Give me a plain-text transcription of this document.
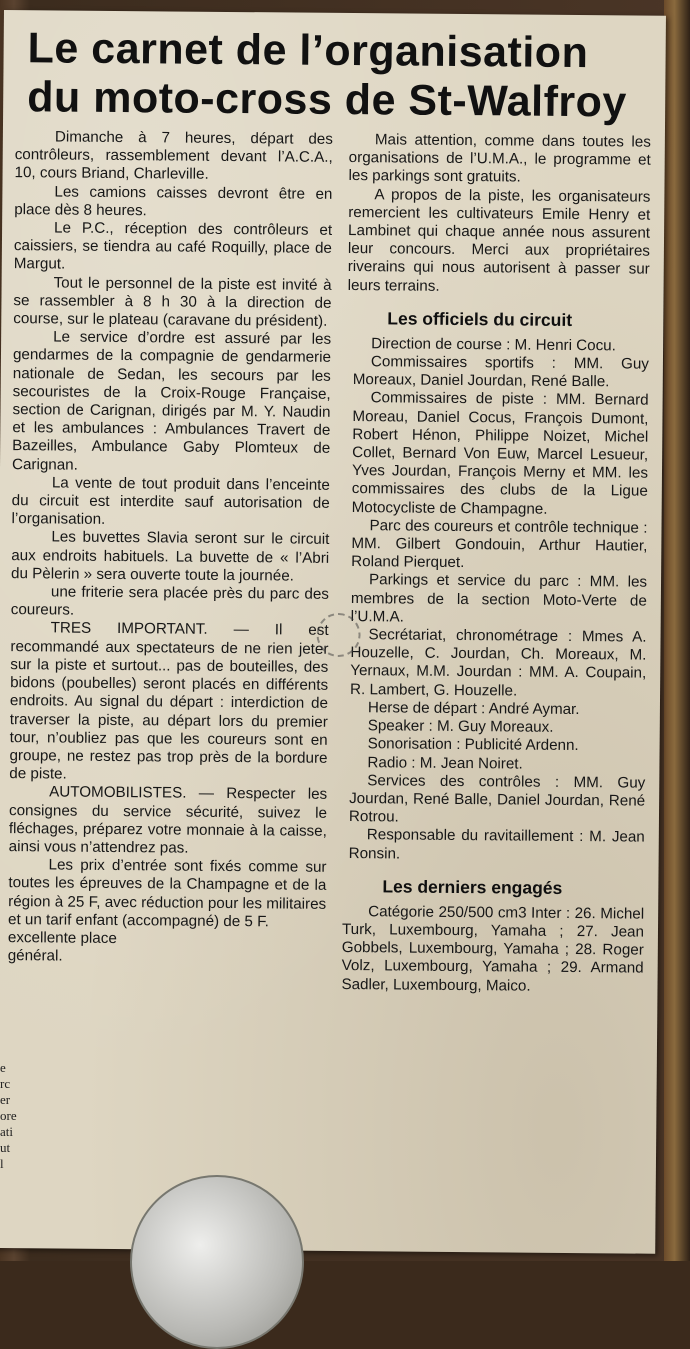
Le carnet de l’organisation
du moto-cross de St-Walfroy

Dimanche à 7 heures, départ des contrôleurs, rassemblement devant l’A.C.A., 10, cours Briand, Charleville.

Les camions caisses devront être en place dès 8 heures.

Le P.C., réception des contrôleurs et caissiers, se tiendra au café Roquilly, place de Margut.

Tout le personnel de la piste est invité à se rassembler à 8 h 30 à la direction de course, sur le plateau (caravane du président).

Le service d’ordre est assuré par les gendarmes de la compagnie de gendarmerie nationale de Sedan, les secours par les secouristes de la Croix-Rouge Française, section de Carignan, dirigés par M. Y. Naudin et les ambulances : Ambulances Travert de Bazeilles, Ambulance Gaby Plomteux de Carignan.

La vente de tout produit dans l’enceinte du circuit est interdite sauf autorisation de l’organisation.

Les buvettes Slavia seront sur le circuit aux endroits habituels. La buvette de « l’Abri du Pèlerin » sera ouverte toute la journée.

une friterie sera placée près du parc des coureurs.

TRES IMPORTANT. — Il est recommandé aux spectateurs de ne rien jeter sur la piste et surtout... pas de bouteilles, des bidons (poubelles) seront placés en différents endroits. Au signal du départ : interdiction de traverser la piste, au départ lors du premier tour, n’oubliez pas que les coureurs sont en groupe, ne restez pas trop près de la bordure de piste.

AUTOMOBILISTES. — Respecter les consignes du service sécurité, suivez le fléchages, préparez votre monnaie à la caisse, ainsi vous n’attendrez pas.

Les prix d’entrée sont fixés comme sur toutes les épreuves de la Champagne et de la région à 25 F, avec réduction pour les militaires et un tarif enfant (accompagné) de 5 F.

excellente place

général.

Mais attention, comme dans toutes les organisations de l’U.M.A., le programme et les parkings sont gratuits.

A propos de la piste, les organisateurs remercient les cultivateurs Emile Henry et Lambinet qui chaque année nous assurent leur concours. Merci aux propriétaires riverains qui nous autorisent à passer sur leurs terrains.

Les officiels du circuit

Direction de course : M. Henri Cocu.

Commissaires sportifs : MM. Guy Moreaux, Daniel Jourdan, René Balle.

Commissaires de piste : MM. Bernard Moreau, Daniel Cocus, François Dumont, Robert Hénon, Philippe Noizet, Michel Collet, Bernard Von Euw, Marcel Lesueur, Yves Jourdan, François Merny et MM. les commissaires des clubs de la Ligue Motocycliste de Champagne.

Parc des coureurs et contrôle technique : MM. Gilbert Gondouin, Arthur Hautier, Roland Pierquet.

Parkings et service du parc : MM. les membres de la section Moto-Verte de l’U.M.A.

Secrétariat, chronométrage : Mmes A. Houzelle, C. Jourdan, Ch. Moreaux, M. Yernaux, M.M. Jourdan : MM. A. Coupain, R. Lambert, G. Houzelle.

Herse de départ : André Aymar.

Speaker : M. Guy Moreaux.

Sonorisation : Publicité Ardenn.

Radio : M. Jean Noiret.

Services des contrôles : MM. Guy Jourdan, René Balle, Daniel Jourdan, René Rotrou.

Responsable du ravitaillement : M. Jean Ronsin.

Les derniers engagés

Catégorie 250/500 cm3 Inter : 26. Michel Turk, Luxembourg, Yamaha ; 27. Jean Gobbels, Luxembourg, Yamaha ; 28. Roger Volz, Luxembourg, Yamaha ; 29. Armand Sadler, Luxembourg, Maico.

e rc er ore ati ut l
